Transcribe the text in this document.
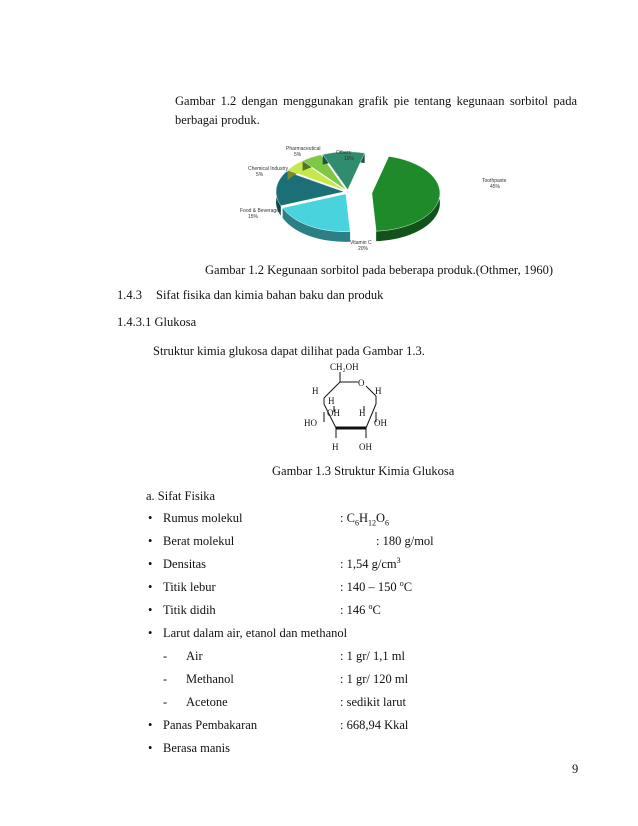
Gambar 1.2 dengan menggunakan grafik pie tentang kegunaan sorbitol pada
berbagai produk.
Toothpaste
45%
Vitamin C
20%
Food & Beverage
15%
Chemical Industry
5%
Pharmaceutical
5%	Others
10%
Gambar 1.2 Kegunaan sorbitol pada beberapa produk.(Othmer, 1960)
1.4.3 Sifat fisika dan kimia bahan baku dan produk
1.4.3.1 Glukosa
Struktur kimia glukosa dapat dilihat pada Gambar 1.3.
CH₂OH
O
H	H
H
OH H
HO	OH
H OH
Gambar 1.3 Struktur Kimia Glukosa
a. Sifat Fisika
• Rumus molekul	: $C_6H_{12}O_6$
• Berat molekul	: 180 g/mol
• Densitas	: 1,54 $g/cm^3$
• Titik lebur	: 140 – 150 $^o$C
• Titik didih	: 146 $^o$C
• Larut dalam air, etanol dan methanol
- Air	: 1 gr/ 1,1 ml
- Methanol	: 1 gr/ 120 ml
- Acetone	: sedikit larut
• Panas Pembakaran	: 668,94 Kkal
• Berasa manis
9
